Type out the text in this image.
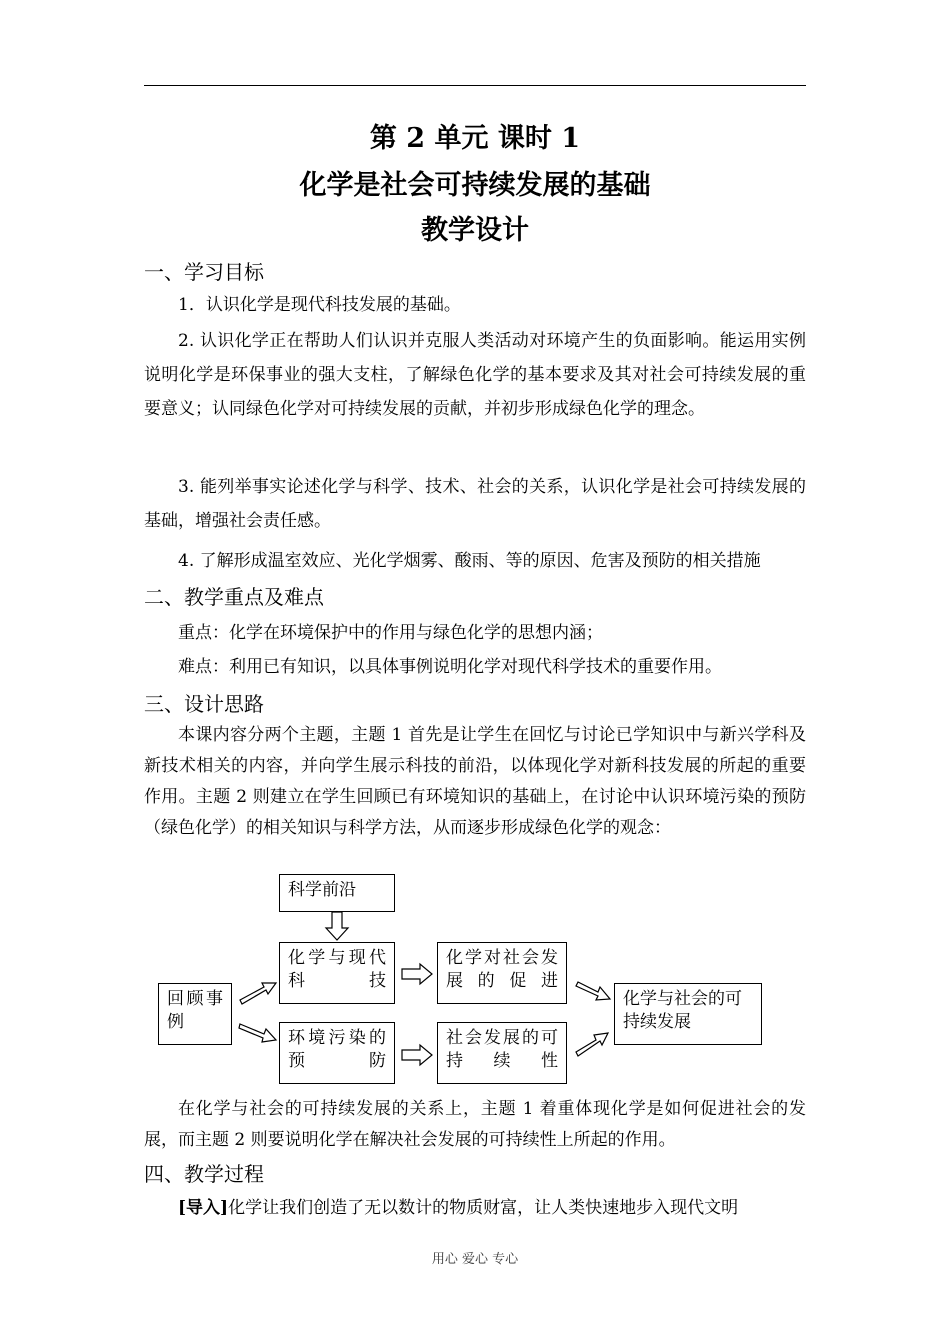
第 2 单元 课时 1
化学是社会可持续发展的基础
教学设计
一、学习目标
1．认识化学是现代科技发展的基础。
2. 认识化学正在帮助人们认识并克服人类活动对环境产生的负面影响。能运用实例说明化学是环保事业的强大支柱，了解绿色化学的基本要求及其对社会可持续发展的重要意义；认同绿色化学对可持续发展的贡献，并初步形成绿色化学的理念。
3. 能列举事实论述化学与科学、技术、社会的关系，认识化学是社会可持续发展的基础，增强社会责任感。
4. 了解形成温室效应、光化学烟雾、酸雨、等的原因、危害及预防的相关措施
二、教学重点及难点
重点：化学在环境保护中的作用与绿色化学的思想内涵；
难点：利用已有知识，以具体事例说明化学对现代科学技术的重要作用。
三、设计思路
本课内容分两个主题，主题 1 首先是让学生在回忆与讨论已学知识中与新兴学科及新技术相关的内容，并向学生展示科技的前沿，以体现化学对新科技发展的所起的重要作用。主题 2 则建立在学生回顾已有环境知识的基础上，在讨论中认识环境污染的预防（绿色化学）的相关知识与科学方法，从而逐步形成绿色化学的观念：
科学前沿
回顾事例
化学与现代科技
环境污染的预防
化学对社会发展的促进
社会发展的可持续性
化学与社会的可持续发展
在化学与社会的可持续发展的关系上，主题 1 着重体现化学是如何促进社会的发展，而主题 2 则要说明化学在解决社会发展的可持续性上所起的作用。
四、教学过程
[导入]化学让我们创造了无以数计的物质财富，让人类快速地步入现代文明
用心 爱心 专心
